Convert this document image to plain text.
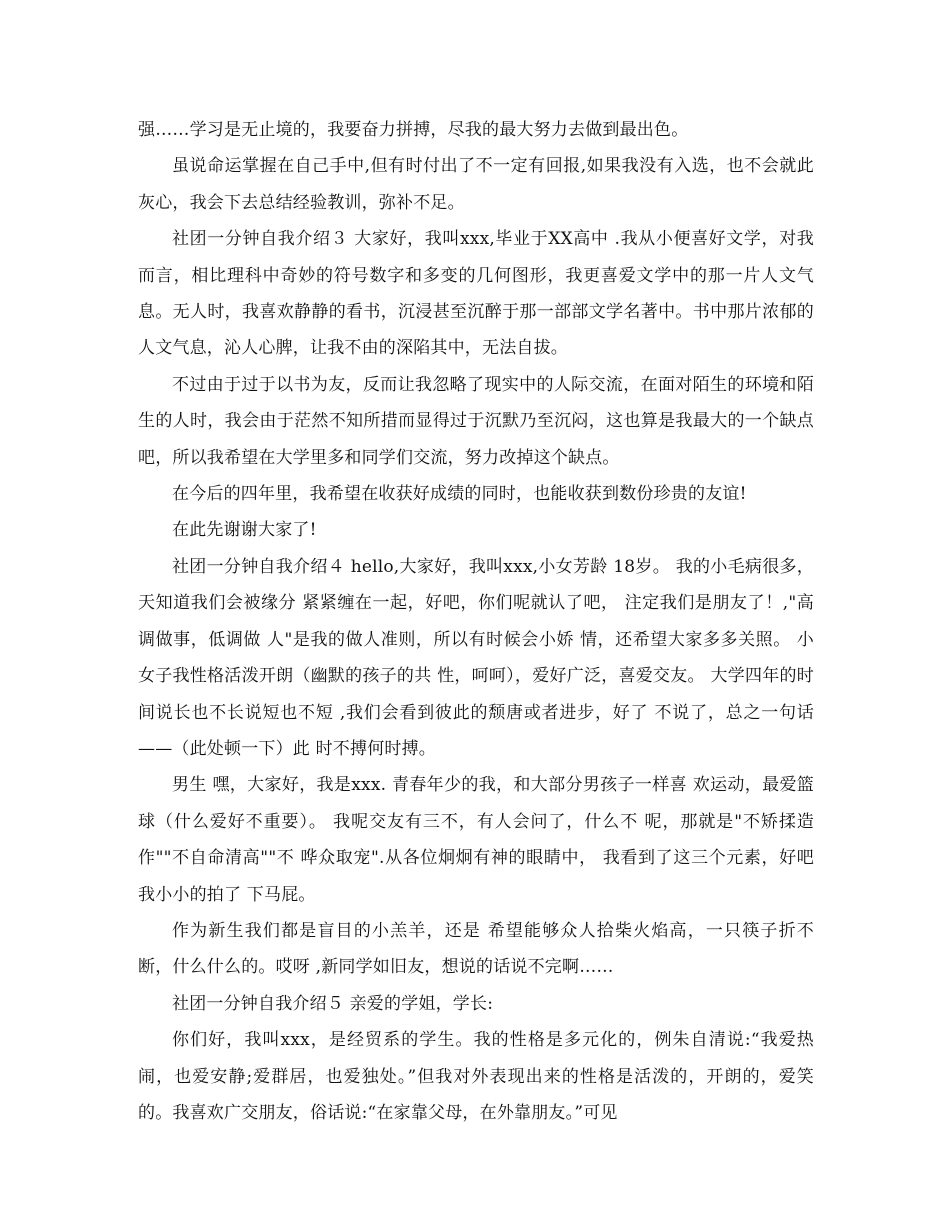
强……学习是无止境的，我要奋力拼搏，尽我的最大努力去做到最出色。

虽说命运掌握在自己手中,但有时付出了不一定有回报,如果我没有入选，也不会就此灰心，我会下去总结经验教训，弥补不足。

社团一分钟自我介绍３ 大家好，我叫xxx,毕业于XX高中 .我从小便喜好文学，对我而言，相比理科中奇妙的符号数字和多变的几何图形，我更喜爱文学中的那一片人文气息。无人时，我喜欢静静的看书，沉浸甚至沉醉于那一部部文学名著中。书中那片浓郁的人文气息，沁人心脾，让我不由的深陷其中，无法自拔。

不过由于过于以书为友，反而让我忽略了现实中的人际交流，在面对陌生的环境和陌生的人时，我会由于茫然不知所措而显得过于沉默乃至沉闷，这也算是我最大的一个缺点吧，所以我希望在大学里多和同学们交流，努力改掉这个缺点。

在今后的四年里，我希望在收获好成绩的同时，也能收获到数份珍贵的友谊!

在此先谢谢大家了!

社团一分钟自我介绍４ hello,大家好，我叫xxx,小女芳龄 18岁。 我的小毛病很多，天知道我们会被缘分 紧紧缠在一起，好吧，你们呢就认了吧， 注定我们是朋友了！,"高调做事，低调做 人"是我的做人准则，所以有时候会小娇 情，还希望大家多多关照。 小女子我性格活泼开朗（幽默的孩子的共 性，呵呵），爱好广泛，喜爱交友。 大学四年的时间说长也不长说短也不短 ,我们会看到彼此的颓唐或者进步，好了 不说了，总之一句话——（此处顿一下）此 时不搏何时搏。

男生 嘿，大家好，我是xxx. 青春年少的我，和大部分男孩子一样喜 欢运动，最爱篮球（什么爱好不重要）。 我呢交友有三不，有人会问了，什么不 呢，那就是"不矫揉造作""不自命清高""不 哗众取宠".从各位炯炯有神的眼睛中， 我看到了这三个元素，好吧我小小的拍了 下马屁。

作为新生我们都是盲目的小羔羊，还是 希望能够众人拾柴火焰高，一只筷子折不 断，什么什么的。哎呀 ,新同学如旧友，想说的话说不完啊……

社团一分钟自我介绍５ 亲爱的学姐，学长:

你们好，我叫xxx，是经贸系的学生。我的性格是多元化的，例朱自清说:“我爱热闹，也爱安静;爱群居，也爱独处。”但我对外表现出来的性格是活泼的，开朗的，爱笑的。我喜欢广交朋友，俗话说:“在家靠父母，在外靠朋友。”可见
